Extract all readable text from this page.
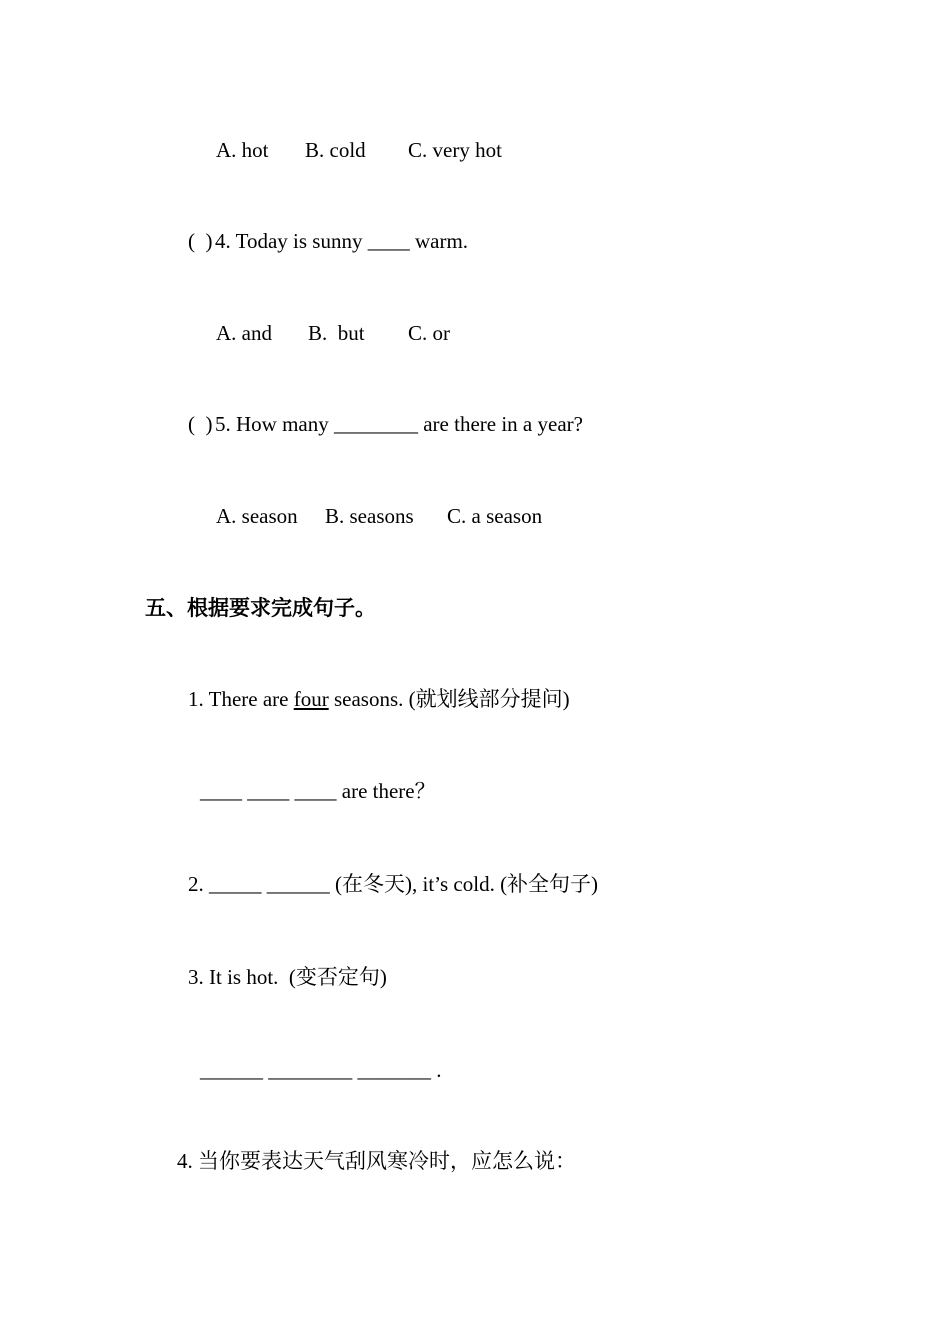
A. hot B. cold C. very hot
(  ) 4. Today is sunny ____ warm.
A. and B.  but C. or
(  ) 5. How many ________ are there in a year?
A. season B. seasons C. a season
五、根据要求完成句子。
1. There are four seasons. (就划线部分提问)
____ ____ ____ are there？
2. _____ ______ (在冬天), it’s cold. (补全句子)
3. It is hot.  (变否定句)
______ ________ _______ .
4. 当你要表达天气刮风寒冷时，应怎么说：
